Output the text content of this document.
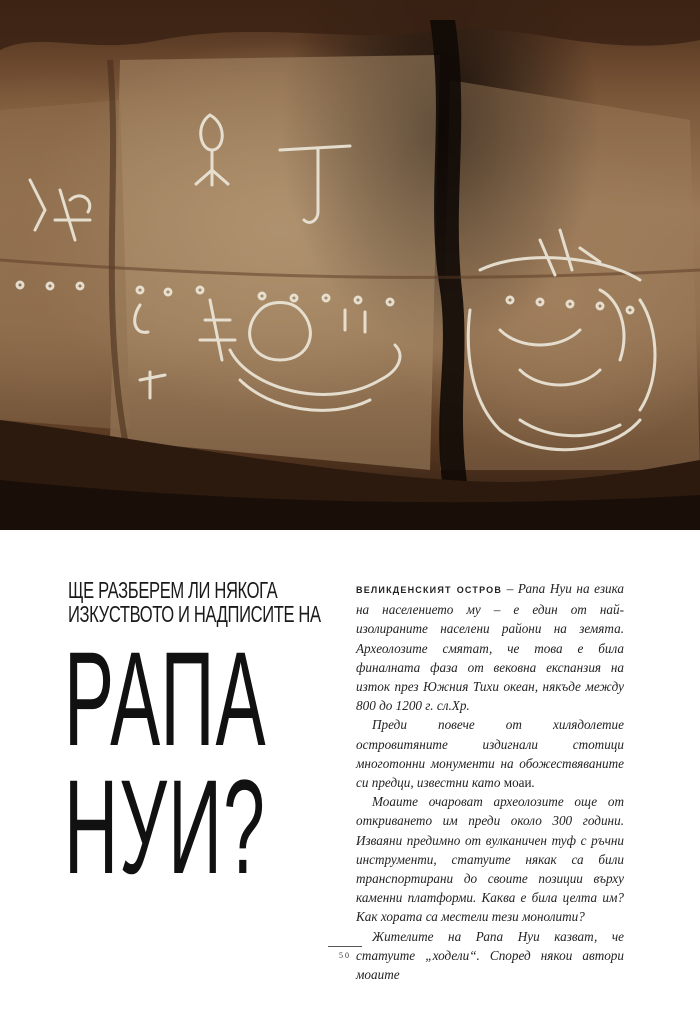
ЩЕ РАЗБЕРЕМ ЛИ НЯКОГА
ИЗКУСТВОТО И НАДПИСИТЕ НА
РАПА
НУИ?

ВЕЛИКДЕНСКИЯТ ОСТРОВ – Рапа Нуи на езика на населението му – е един от най-изолираните населени райони на земята. Археолозите смятат, че това е била финалната фаза от вековна експанзия на изток през Южния Тихи океан, някъде между 800 до 1200 г. сл.Хр.

Преди повече от хилядолетие островитяните издигнали стотици многотонни монументи на обожествяваните си предци, известни като моаи.

Моаите очароват археолозите още от откриването им преди около 300 години. Изваяни предимно от вулканичен туф с ръчни инструменти, статуите някак са били транспортирани до своите позиции върху каменни платформи. Каква е била целта им? Как хората са местели тези монолити?

Жителите на Рапа Нуи казват, че статуите „ходели“. Според някои автори моаите

50
